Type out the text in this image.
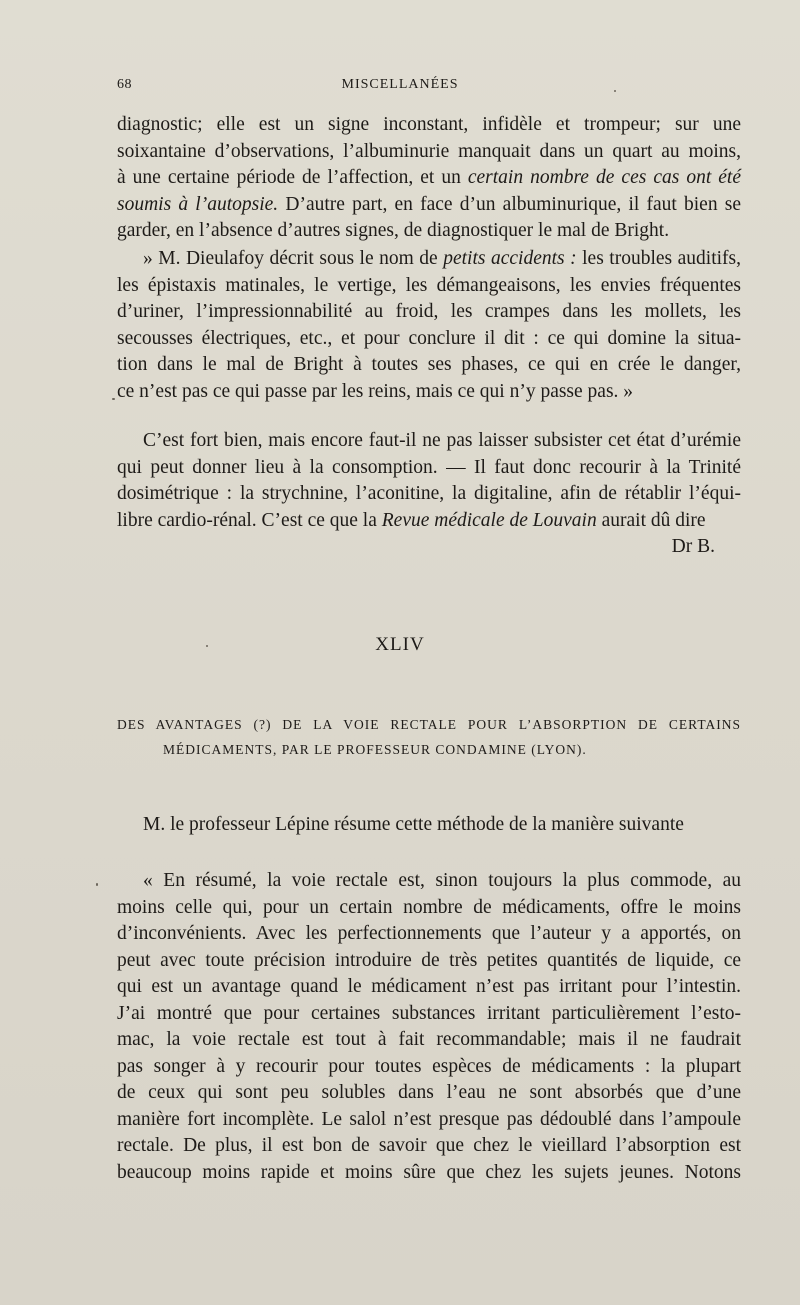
68	MISCELLANÉES
diagnostic; elle est un signe inconstant, infidèle et trompeur; sur une
soixantaine d’observations, l’albuminurie manquait dans un quart au moins,
à une certaine période de l’affection, et un certain nombre de ces cas ont été
soumis à l’autopsie. D’autre part, en face d’un albuminurique, il faut bien se
garder, en l’absence d’autres signes, de diagnostiquer le mal de Bright.
» M. Dieulafoy décrit sous le nom de petits accidents : les troubles auditifs,
les épistaxis matinales, le vertige, les démangeaisons, les envies fréquentes
d’uriner, l’impressionnabilité au froid, les crampes dans les mollets, les
secousses électriques, etc., et pour conclure il dit : ce qui domine la situa-
tion dans le mal de Bright à toutes ses phases, ce qui en crée le danger,
ce n’est pas ce qui passe par les reins, mais ce qui n’y passe pas. »
C’est fort bien, mais encore faut-il ne pas laisser subsister cet état d’urémie
qui peut donner lieu à la consomption. — Il faut donc recourir à la Trinité
dosimétrique : la strychnine, l’aconitine, la digitaline, afin de rétablir l’équi-
libre cardio-rénal. C’est ce que la Revue médicale de Louvain aurait dû dire
Dr B.
XLIV
DES AVANTAGES (?) DE LA VOIE RECTALE POUR L’ABSORPTION DE CERTAINS
MÉDICAMENTS, PAR LE PROFESSEUR CONDAMINE (LYON).
M. le professeur Lépine résume cette méthode de la manière suivante
« En résumé, la voie rectale est, sinon toujours la plus commode, au
moins celle qui, pour un certain nombre de médicaments, offre le moins
d’inconvénients. Avec les perfectionnements que l’auteur y a apportés, on
peut avec toute précision introduire de très petites quantités de liquide, ce
qui est un avantage quand le médicament n’est pas irritant pour l’intestin.
J’ai montré que pour certaines substances irritant particulièrement l’esto-
mac, la voie rectale est tout à fait recommandable; mais il ne faudrait
pas songer à y recourir pour toutes espèces de médicaments : la plupart
de ceux qui sont peu solubles dans l’eau ne sont absorbés que d’une
manière fort incomplète. Le salol n’est presque pas dédoublé dans l’ampoule
rectale. De plus, il est bon de savoir que chez le vieillard l’absorption est
beaucoup moins rapide et moins sûre que chez les sujets jeunes. Notons
